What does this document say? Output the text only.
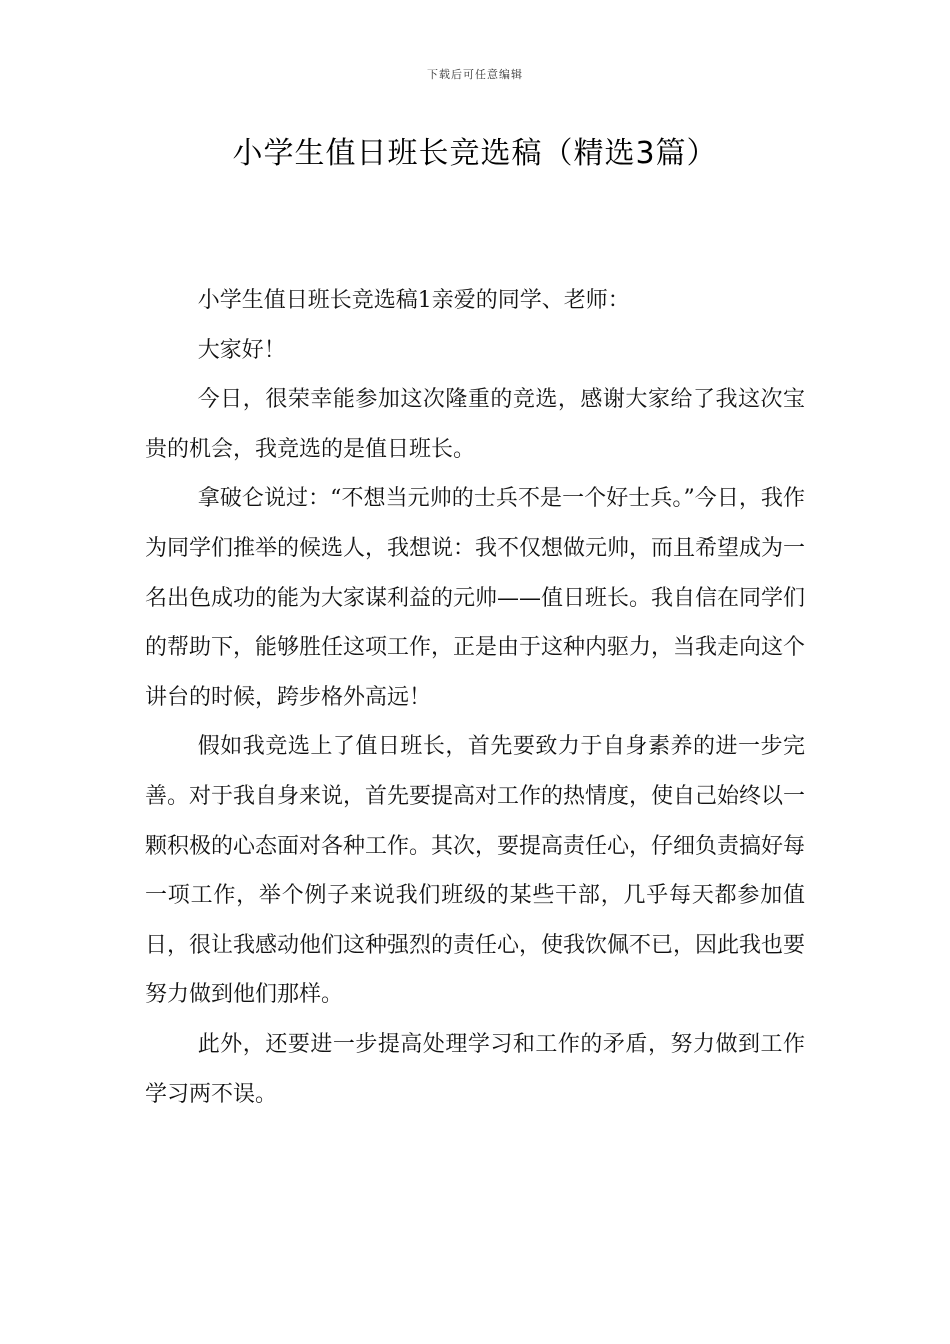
下载后可任意编辑
小学生值日班长竞选稿（精选3篇）

小学生值日班长竞选稿1亲爱的同学、老师：

大家好！

今日，很荣幸能参加这次隆重的竞选，感谢大家给了我这次宝贵的机会，我竞选的是值日班长。

拿破仑说过：“不想当元帅的士兵不是一个好士兵。”今日，我作为同学们推举的候选人，我想说：我不仅想做元帅，而且希望成为一名出色成功的能为大家谋利益的元帅——值日班长。我自信在同学们的帮助下，能够胜任这项工作，正是由于这种内驱力，当我走向这个讲台的时候，跨步格外高远！

假如我竞选上了值日班长，首先要致力于自身素养的进一步完善。对于我自身来说，首先要提高对工作的热情度，使自己始终以一颗积极的心态面对各种工作。其次，要提高责任心，仔细负责搞好每一项工作，举个例子来说我们班级的某些干部，几乎每天都参加值日，很让我感动他们这种强烈的责任心，使我饮佩不已，因此我也要努力做到他们那样。

此外，还要进一步提高处理学习和工作的矛盾，努力做到工作学习两不误。
